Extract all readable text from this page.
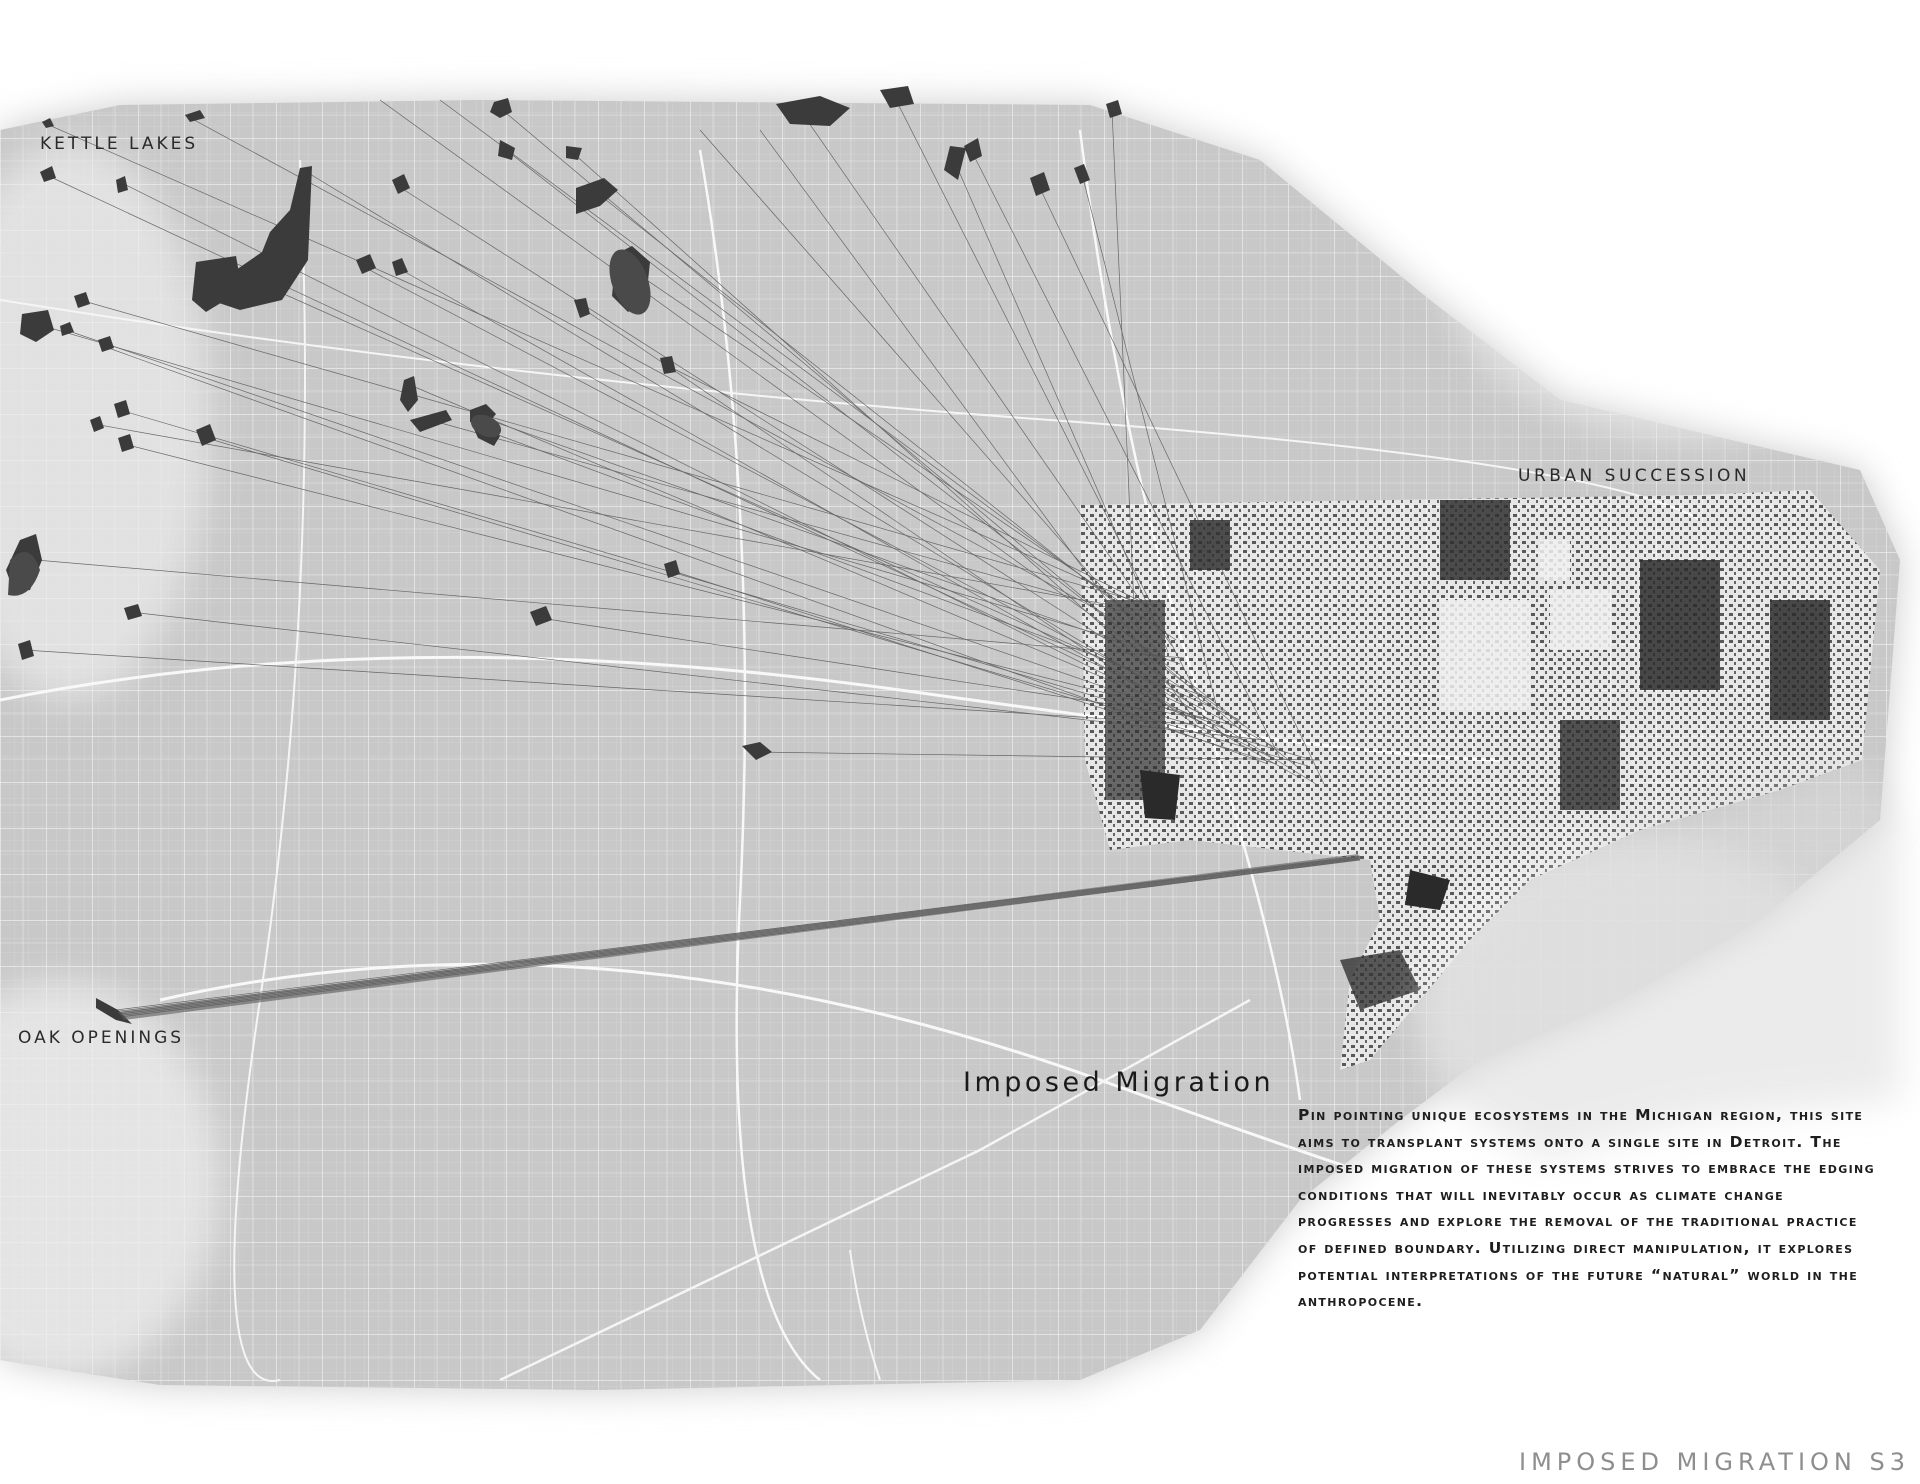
KETTLE LAKES
OAK OPENINGS
URBAN SUCCESSION
Imposed Migration
Pin pointing unique ecosystems in the Michigan region, this site aims to transplant systems onto a single site in Detroit. The imposed migration of these systems strives to embrace the edging conditions that will inevitably occur as climate change progresses and explore the removal of the traditional practice of defined boundary. Utilizing direct manipulation, it explores potential interpretations of the future “natural” world in the anthropocene.
IMPOSED MIGRATION S3
